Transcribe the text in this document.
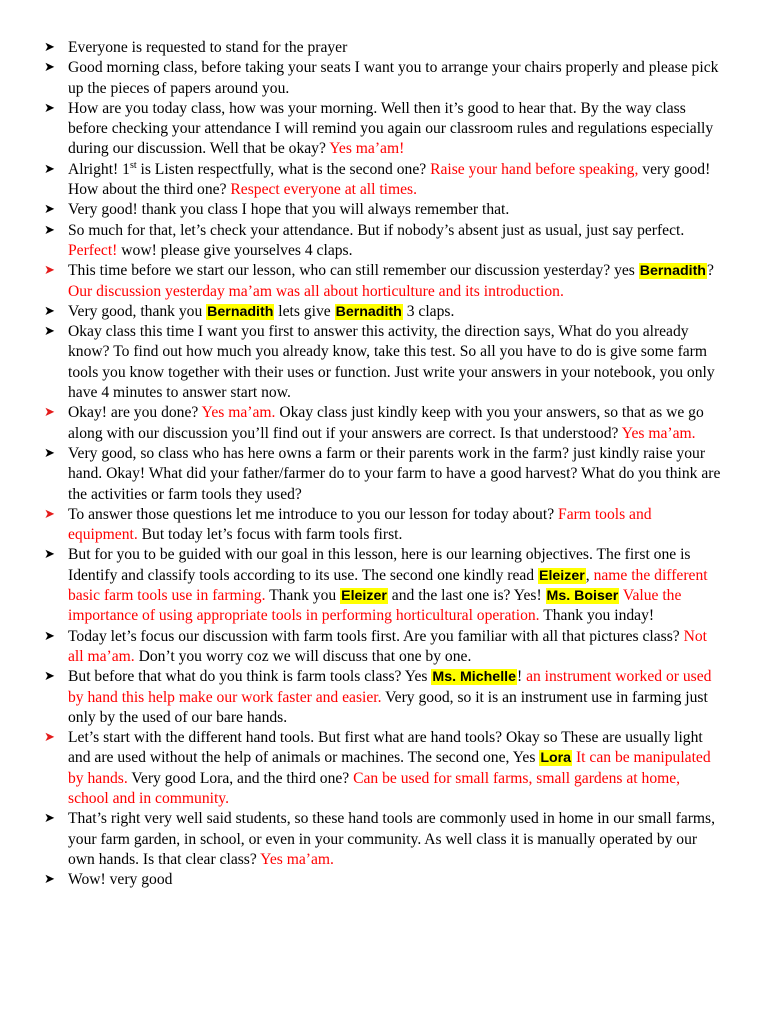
➤ Everyone is requested to stand for the prayer
➤ Good morning class, before taking your seats I want you to arrange your chairs properly and please pick up the pieces of papers around you.
➤ How are you today class, how was your morning. Well then it’s good to hear that. By the way class before checking your attendance I will remind you again our classroom rules and regulations especially during our discussion. Well that be okay? Yes ma’am!
➤ Alright! 1st is Listen respectfully, what is the second one? Raise your hand before speaking, very good! How about the third one? Respect everyone at all times.
➤ Very good! thank you class I hope that you will always remember that.
➤ So much for that, let’s check your attendance. But if nobody’s absent just as usual, just say perfect. Perfect! wow! please give yourselves 4 claps.
➤ This time before we start our lesson, who can still remember our discussion yesterday? yes Bernadith? Our discussion yesterday ma’am was all about horticulture and its introduction.
➤ Very good, thank you Bernadith lets give Bernadith 3 claps.
➤ Okay class this time I want you first to answer this activity, the direction says, What do you already know? To find out how much you already know, take this test. So all you have to do is give some farm tools you know together with their uses or function. Just write your answers in your notebook, you only have 4 minutes to answer start now.
➤ Okay! are you done? Yes ma’am. Okay class just kindly keep with you your answers, so that as we go along with our discussion you’ll find out if your answers are correct. Is that understood? Yes ma’am.
➤ Very good, so class who has here owns a farm or their parents work in the farm? just kindly raise your hand. Okay! What did your father/farmer do to your farm to have a good harvest? What do you think are the activities or farm tools they used?
➤ To answer those questions let me introduce to you our lesson for today about? Farm tools and equipment. But today let’s focus with farm tools first.
➤ But for you to be guided with our goal in this lesson, here is our learning objectives. The first one is Identify and classify tools according to its use. The second one kindly read Eleizer, name the different basic farm tools use in farming. Thank you Eleizer and the last one is? Yes! Ms. Boiser Value the importance of using appropriate tools in performing horticultural operation. Thank you inday!
➤ Today let’s focus our discussion with farm tools first. Are you familiar with all that pictures class? Not all ma’am. Don’t you worry coz we will discuss that one by one.
➤ But before that what do you think is farm tools class? Yes Ms. Michelle! an instrument worked or used by hand this help make our work faster and easier. Very good, so it is an instrument use in farming just only by the used of our bare hands.
➤ Let’s start with the different hand tools. But first what are hand tools? Okay so These are usually light and are used without the help of animals or machines. The second one, Yes Lora It can be manipulated by hands. Very good Lora, and the third one? Can be used for small farms, small gardens at home, school and in community.
➤ That’s right very well said students, so these hand tools are commonly used in home in our small farms, your farm garden, in school, or even in your community. As well class it is manually operated by our own hands. Is that clear class? Yes ma’am.
➤ Wow! very good
